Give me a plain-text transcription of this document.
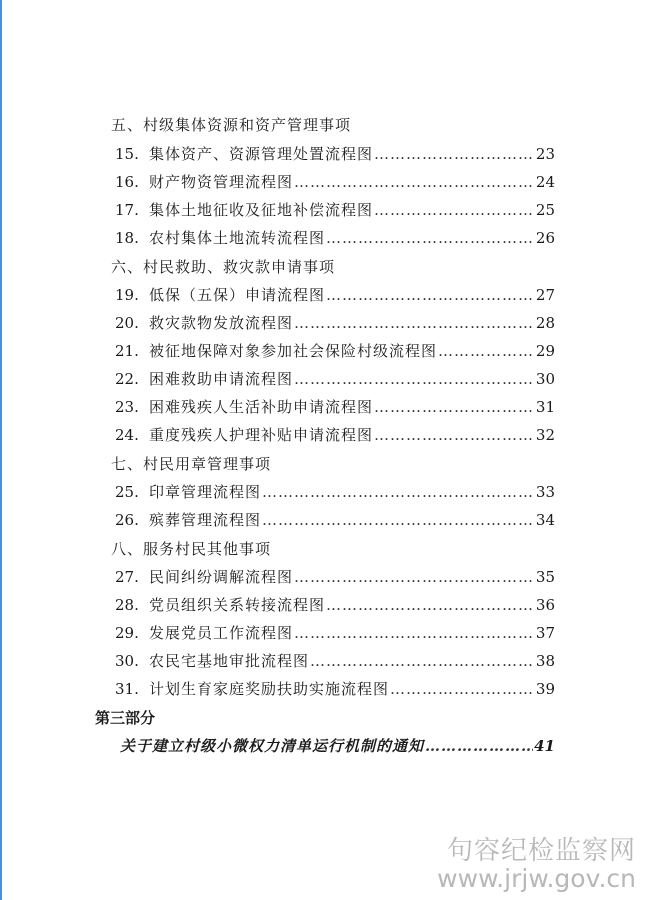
五、村级集体资源和资产管理事项
15. 集体资产、资源管理处置流程图 ……………………………………………………………………………………………………………………	23
16. 财产物资管理流程图 ……………………………………………………………………………………………………………………	24
17. 集体土地征收及征地补偿流程图 ……………………………………………………………………………………………………………………	25
18. 农村集体土地流转流程图 ……………………………………………………………………………………………………………………	26
六、村民救助、救灾款申请事项
19. 低保（五保）申请流程图 ……………………………………………………………………………………………………………………	27
20. 救灾款物发放流程图 ……………………………………………………………………………………………………………………	28
21. 被征地保障对象参加社会保险村级流程图 ……………………………………………………………………………………………………………………	29
22. 困难救助申请流程图 ……………………………………………………………………………………………………………………	30
23. 困难残疾人生活补助申请流程图 ……………………………………………………………………………………………………………………	31
24. 重度残疾人护理补贴申请流程图 ……………………………………………………………………………………………………………………	32
七、村民用章管理事项
25. 印章管理流程图 ……………………………………………………………………………………………………………………	33
26. 殡葬管理流程图 ……………………………………………………………………………………………………………………	34
八、服务村民其他事项
27. 民间纠纷调解流程图 ……………………………………………………………………………………………………………………	35
28. 党员组织关系转接流程图 ……………………………………………………………………………………………………………………	36
29. 发展党员工作流程图 ……………………………………………………………………………………………………………………	37
30. 农民宅基地审批流程图 ……………………………………………………………………………………………………………………	38
31. 计划生育家庭奖励扶助实施流程图 ……………………………………………………………………………………………………………………	39
第三部分
关于建立村级小微权力清单运行机制的通知 ……………………………………………………………………………………………………………………	41
句容纪检监察网
www.jrjw.gov.cn
